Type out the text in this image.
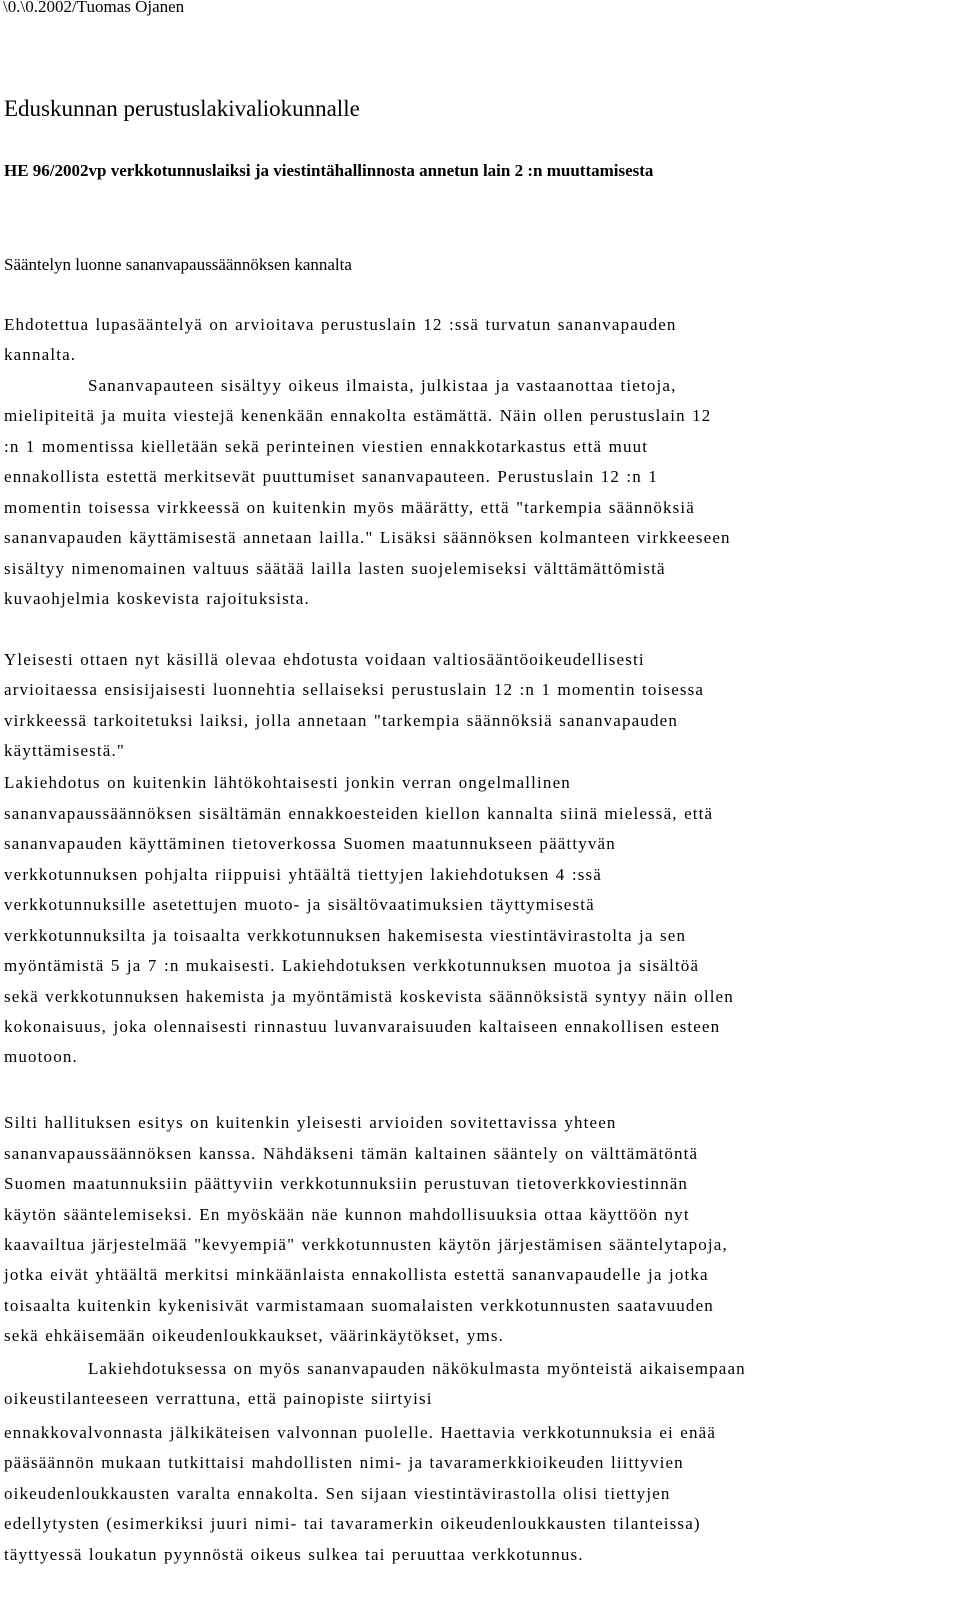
\0.\0.2002/Tuomas Ojanen
Eduskunnan perustuslakivaliokunnalle
HE 96/2002vp verkkotunnuslaiksi ja viestintähallinnosta annetun lain 2 :n muuttamisesta
Sääntelyn luonne sananvapaussäännöksen kannalta
Ehdotettua lupasääntelyä on arvioitava perustuslain 12 :ssä turvatun sananvapauden
kannalta.
Sananvapauteen sisältyy oikeus ilmaista, julkistaa ja vastaanottaa tietoja,
mielipiteitä ja muita viestejä kenenkään ennakolta estämättä. Näin ollen perustuslain 12
:n 1 momentissa kielletään sekä perinteinen viestien ennakkotarkastus että muut
ennakollista estettä merkitsevät puuttumiset sananvapauteen. Perustuslain 12 :n 1
momentin toisessa virkkeessä on kuitenkin myös määrätty, että "tarkempia säännöksiä
sananvapauden käyttämisestä annetaan lailla." Lisäksi säännöksen kolmanteen virkkeeseen
sisältyy nimenomainen valtuus säätää lailla lasten suojelemiseksi välttämättömistä
kuvaohjelmia koskevista rajoituksista.
Yleisesti ottaen nyt käsillä olevaa ehdotusta voidaan valtiosääntöoikeudellisesti
arvioitaessa ensisijaisesti luonnehtia sellaiseksi perustuslain 12 :n 1 momentin toisessa
virkkeessä tarkoitetuksi laiksi, jolla annetaan "tarkempia säännöksiä sananvapauden
käyttämisestä."
Lakiehdotus on kuitenkin lähtökohtaisesti jonkin verran ongelmallinen
sananvapaussäännöksen sisältämän ennakkoesteiden kiellon kannalta siinä mielessä, että
sananvapauden käyttäminen tietoverkossa Suomen maatunnukseen päättyvän
verkkotunnuksen pohjalta riippuisi yhtäältä tiettyjen lakiehdotuksen 4 :ssä
verkkotunnuksille asetettujen muoto- ja sisältövaatimuksien täyttymisestä
verkkotunnuksilta ja toisaalta verkkotunnuksen hakemisesta viestintävirastolta ja sen
myöntämistä 5 ja 7 :n mukaisesti. Lakiehdotuksen verkkotunnuksen muotoa ja sisältöä
sekä verkkotunnuksen hakemista ja myöntämistä koskevista säännöksistä syntyy näin ollen
kokonaisuus, joka olennaisesti rinnastuu luvanvaraisuuden kaltaiseen ennakollisen esteen
muotoon.
Silti hallituksen esitys on kuitenkin yleisesti arvioiden sovitettavissa yhteen
sananvapaussäännöksen kanssa. Nähdäkseni tämän kaltainen sääntely on välttämätöntä
Suomen maatunnuksiin päättyviin verkkotunnuksiin perustuvan tietoverkkoviestinnän
käytön sääntelemiseksi. En myöskään näe kunnon mahdollisuuksia ottaa käyttöön nyt
kaavailtua järjestelmää "kevyempiä" verkkotunnusten käytön järjestämisen sääntelytapoja,
jotka eivät yhtäältä merkitsi minkäänlaista ennakollista estettä sananvapaudelle ja jotka
toisaalta kuitenkin kykenisivät varmistamaan suomalaisten verkkotunnusten saatavuuden
sekä ehkäisemään oikeudenloukkaukset, väärinkäytökset, yms.
Lakiehdotuksessa on myös sananvapauden näkökulmasta myönteistä aikaisempaan
oikeustilanteeseen verrattuna, että painopiste siirtyisi
ennakkovalvonnasta jälkikäteisen valvonnan puolelle. Haettavia verkkotunnuksia ei enää
pääsäännön mukaan tutkittaisi mahdollisten nimi- ja tavaramerkkioikeuden liittyvien
oikeudenloukkausten varalta ennakolta. Sen sijaan viestintävirastolla olisi tiettyjen
edellytysten (esimerkiksi juuri nimi- tai tavaramerkin oikeudenloukkausten tilanteissa)
täyttyessä loukatun pyynnöstä oikeus sulkea tai peruuttaa verkkotunnus.
